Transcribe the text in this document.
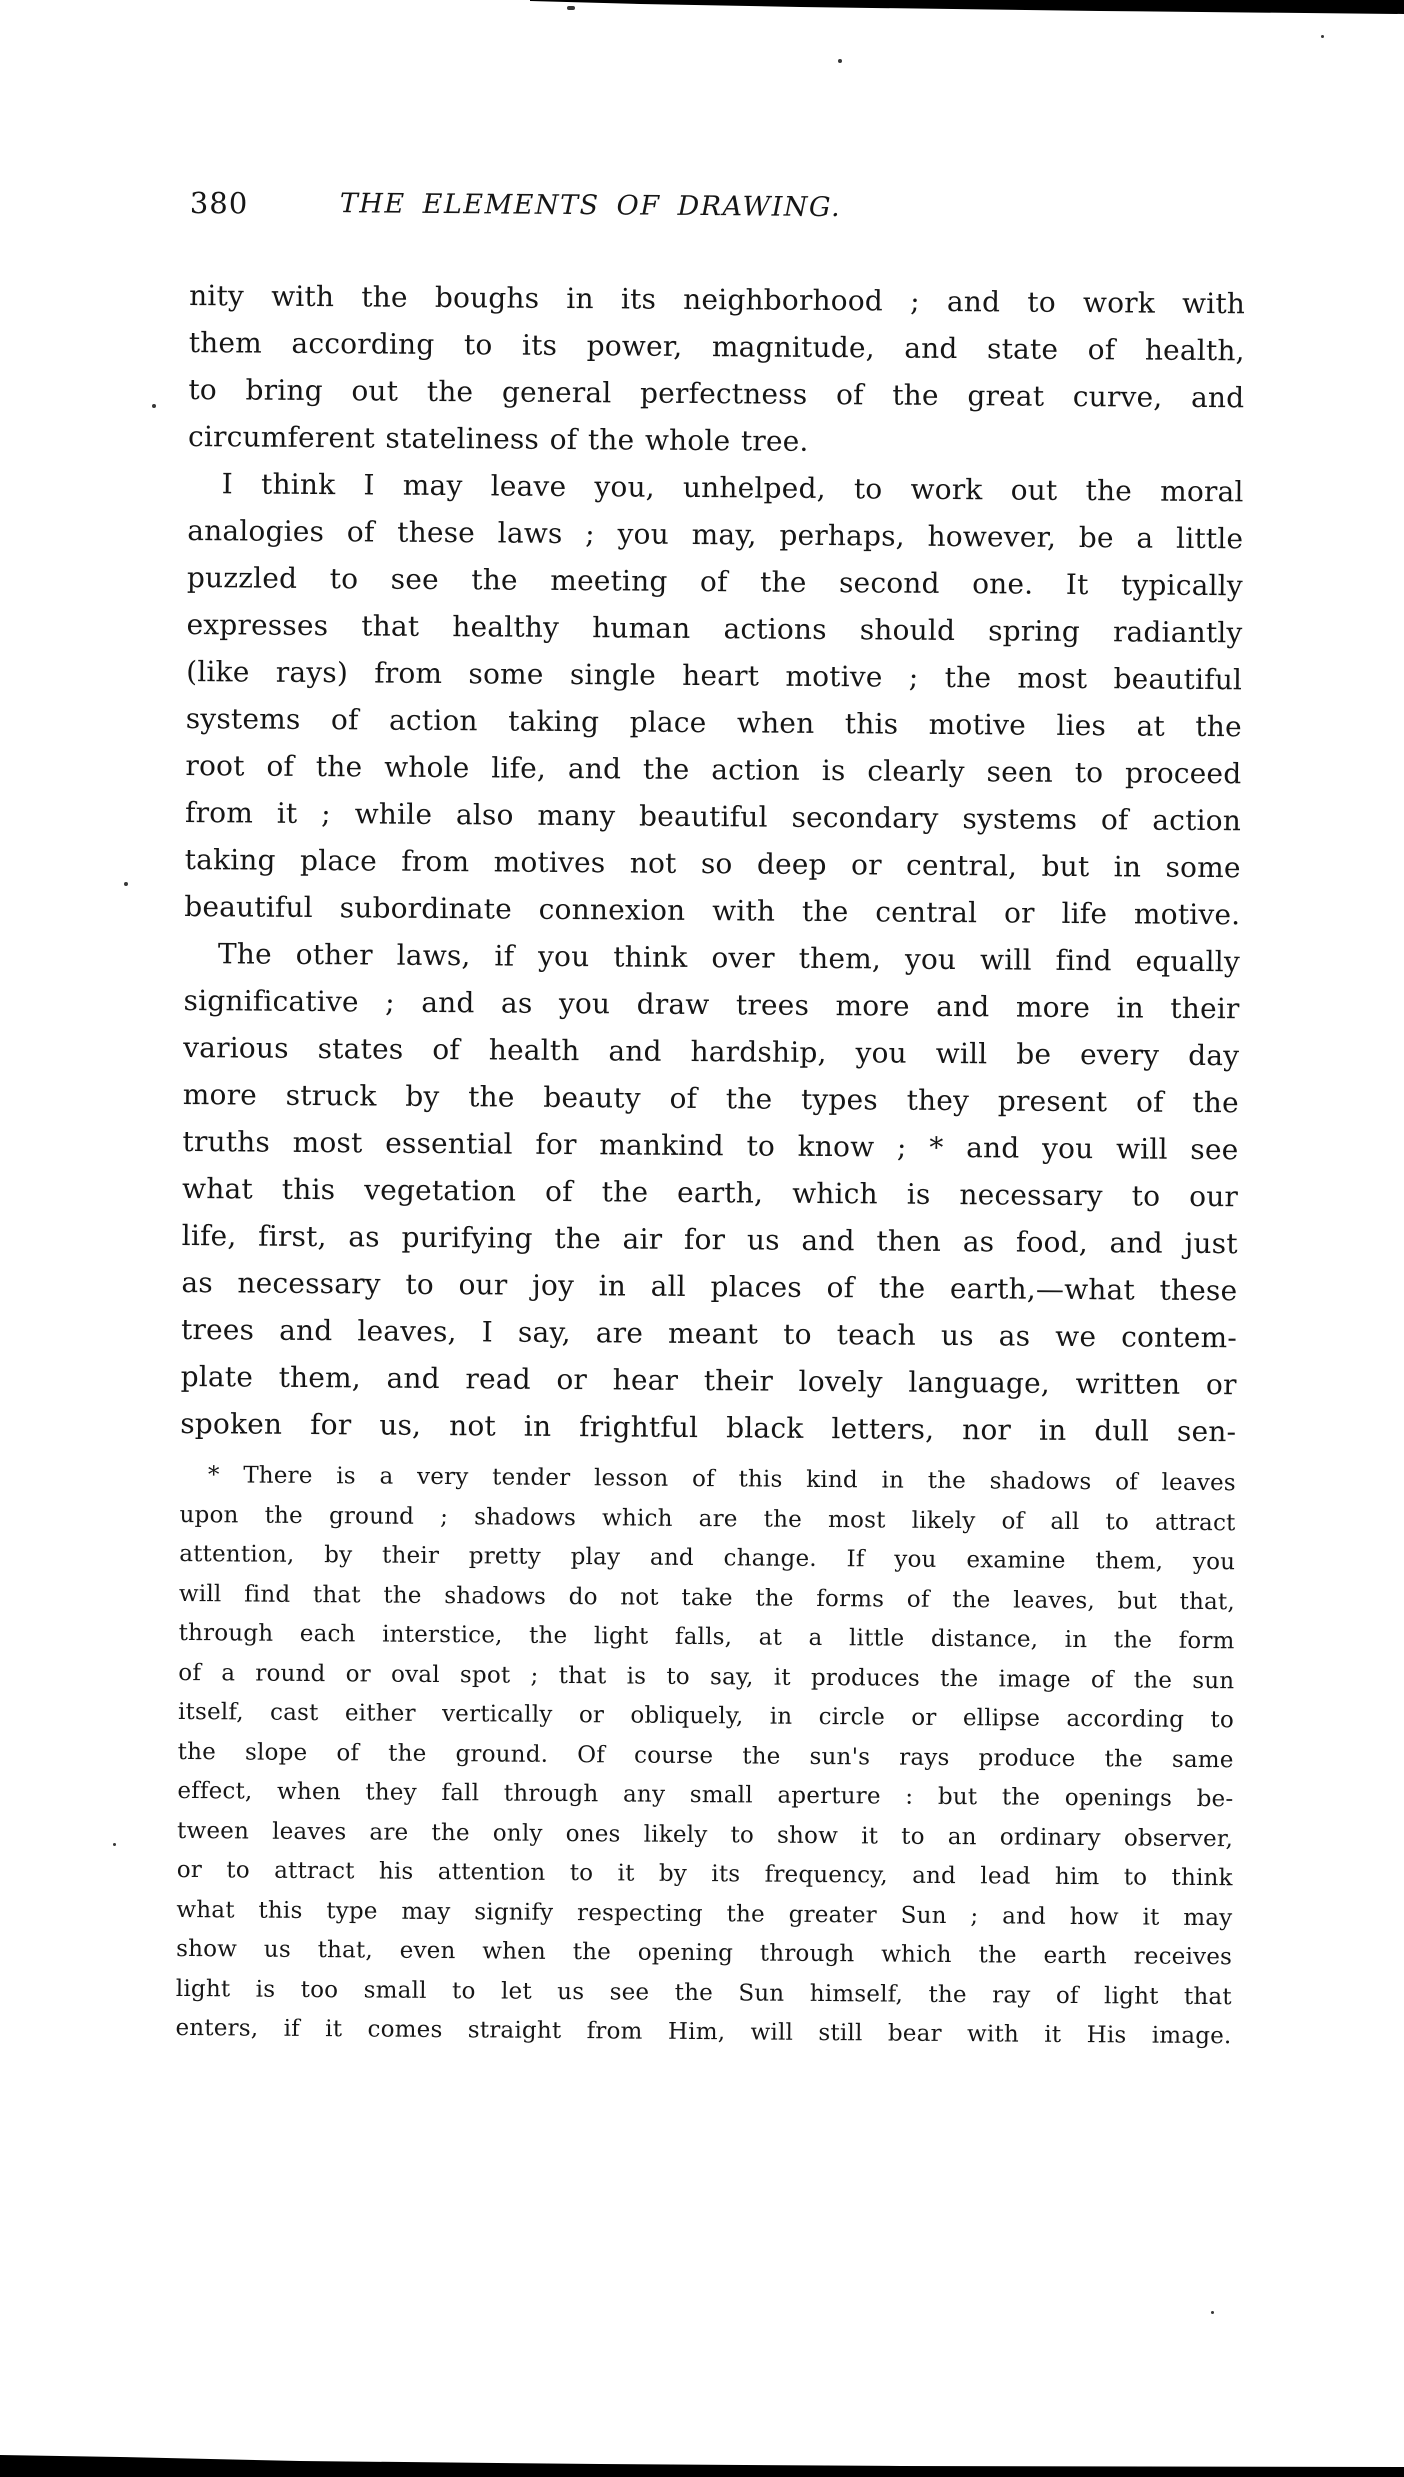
380	THE ELEMENTS OF DRAWING.
nity with the boughs in its neighborhood ; and to work with
them according to its power, magnitude, and state of health,
to bring out the general perfectness of the great curve, and
circumferent stateliness of the whole tree.
I think I may leave you, unhelped, to work out the moral
analogies of these laws ; you may, perhaps, however, be a little
puzzled to see the meeting of the second one. It typically
expresses that healthy human actions should spring radiantly
(like rays) from some single heart motive ; the most beautiful
systems of action taking place when this motive lies at the
root of the whole life, and the action is clearly seen to proceed
from it ; while also many beautiful secondary systems of action
taking place from motives not so deep or central, but in some
beautiful subordinate connexion with the central or life motive.
The other laws, if you think over them, you will find equally
significative ; and as you draw trees more and more in their
various states of health and hardship, you will be every day
more struck by the beauty of the types they present of the
truths most essential for mankind to know ; * and you will see
what this vegetation of the earth, which is necessary to our
life, first, as purifying the air for us and then as food, and just
as necessary to our joy in all places of the earth,—what these
trees and leaves, I say, are meant to teach us as we contem-
plate them, and read or hear their lovely language, written or
spoken for us, not in frightful black letters, nor in dull sen-
* There is a very tender lesson of this kind in the shadows of leaves
upon the ground ; shadows which are the most likely of all to attract
attention, by their pretty play and change. If you examine them, you
will find that the shadows do not take the forms of the leaves, but that,
through each interstice, the light falls, at a little distance, in the form
of a round or oval spot ; that is to say, it produces the image of the sun
itself, cast either vertically or obliquely, in circle or ellipse according to
the slope of the ground. Of course the sun's rays produce the same
effect, when they fall through any small aperture : but the openings be-
tween leaves are the only ones likely to show it to an ordinary observer,
or to attract his attention to it by its frequency, and lead him to think
what this type may signify respecting the greater Sun ; and how it may
show us that, even when the opening through which the earth receives
light is too small to let us see the Sun himself, the ray of light that
enters, if it comes straight from Him, will still bear with it His image.
